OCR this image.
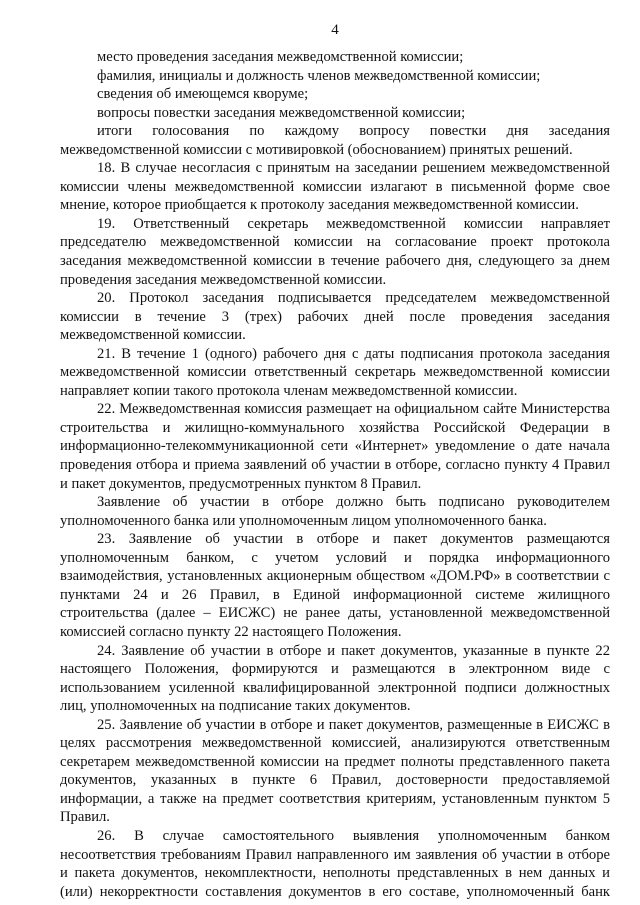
4

место проведения заседания межведомственной комиссии;

фамилия, инициалы и должность членов межведомственной комиссии;

сведения об имеющемся кворуме;

вопросы повестки заседания межведомственной комиссии;

итоги голосования по каждому вопросу повестки дня заседания межведомственной комиссии с мотивировкой (обоснованием) принятых решений.

18. В случае несогласия с принятым на заседании решением межведомственной комиссии члены межведомственной комиссии излагают в письменной форме свое мнение, которое приобщается к протоколу заседания межведомственной комиссии.

19. Ответственный секретарь межведомственной комиссии направляет председателю межведомственной комиссии на согласование проект протокола заседания межведомственной комиссии в течение рабочего дня, следующего за днем проведения заседания межведомственной комиссии.

20. Протокол заседания подписывается председателем межведомственной комиссии в течение 3 (трех) рабочих дней после проведения заседания межведомственной комиссии.

21. В течение 1 (одного) рабочего дня с даты подписания протокола заседания межведомственной комиссии ответственный секретарь межведомственной комиссии направляет копии такого протокола членам межведомственной комиссии.

22. Межведомственная комиссия размещает на официальном сайте Министерства строительства и жилищно-коммунального хозяйства Российской Федерации в информационно-телекоммуникационной сети «Интернет» уведомление о дате начала проведения отбора и приема заявлений об участии в отборе, согласно пункту 4 Правил и пакет документов, предусмотренных пунктом 8 Правил.

Заявление об участии в отборе должно быть подписано руководителем уполномоченного банка или уполномоченным лицом уполномоченного банка.

23. Заявление об участии в отборе и пакет документов размещаются уполномоченным банком, с учетом условий и порядка информационного взаимодействия, установленных акционерным обществом «ДОМ.РФ» в соответствии с пунктами 24 и 26 Правил, в Единой информационной системе жилищного строительства (далее – ЕИСЖС) не ранее даты, установленной межведомственной комиссией согласно пункту 22 настоящего Положения.

24. Заявление об участии в отборе и пакет документов, указанные в пункте 22 настоящего Положения, формируются и размещаются в электронном виде с использованием усиленной квалифицированной электронной подписи должностных лиц, уполномоченных на подписание таких документов.

25. Заявление об участии в отборе и пакет документов, размещенные в ЕИСЖС в целях рассмотрения межведомственной комиссией, анализируются ответственным секретарем межведомственной комиссии на предмет полноты представленного пакета документов, указанных в пункте 6 Правил, достоверности предоставляемой информации, а также на предмет соответствия критериям, установленным пунктом 5 Правил.

26. В случае самостоятельного выявления уполномоченным банком несоответствия требованиям Правил направленного им заявления об участии в отборе и пакета документов, некомплектности, неполноты представленных в нем данных и (или) некорректности составления документов в его составе, уполномоченный банк
